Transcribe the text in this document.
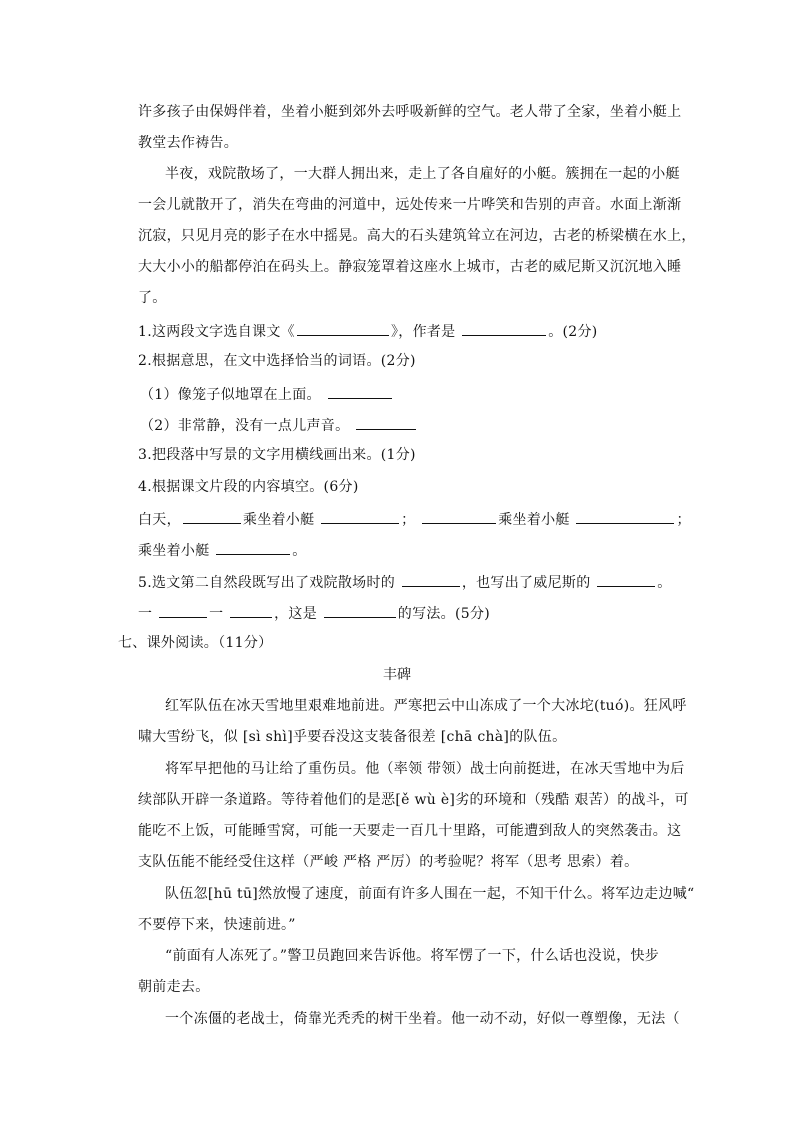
许多孩子由保姆伴着，坐着小艇到郊外去呼吸新鲜的空气。老人带了全家，坐着小艇上
教堂去作祷告。
半夜，戏院散场了，一大群人拥出来，走上了各自雇好的小艇。簇拥在一起的小艇
一会儿就散开了，消失在弯曲的河道中，远处传来一片哗笑和告别的声音。水面上渐渐
沉寂，只见月亮的影子在水中摇晃。高大的石头建筑耸立在河边，古老的桥梁横在水上，
大大小小的船都停泊在码头上。静寂笼罩着这座水上城市，古老的威尼斯又沉沉地入睡
了。
1.这两段文字选自课文《	》，作者是	。(2分)
2.根据意思，在文中选择恰当的词语。(2分)
（1）像笼子似地罩在上面。
（2）非常静，没有一点儿声音。
3.把段落中写景的文字用横线画出来。(1分)
4.根据课文片段的内容填空。(6分)
白天，	乘坐着小艇	；	乘坐着小艇	；
乘坐着小艇	。
5.选文第二自然段既写出了戏院散场时的	，也写出了威尼斯的	。
一	一	，这是	的写法。(5分)
七、课外阅读。（11分）
丰碑
红军队伍在冰天雪地里艰难地前进。严寒把云中山冻成了一个大冰坨(tuó)。狂风呼
啸大雪纷飞，似 [sì shì]乎要吞没这支装备很差 [chā chà]的队伍。
将军早把他的马让给了重伤员。他（率领 带领）战士向前挺进，在冰天雪地中为后
续部队开辟一条道路。等待着他们的是恶[ě wù è]劣的环境和（残酷 艰苦）的战斗，可
能吃不上饭，可能睡雪窝，可能一天要走一百几十里路，可能遭到敌人的突然袭击。这
支队伍能不能经受住这样（严峻 严格 严厉）的考验呢？将军（思考 思索）着。
队伍忽[hū tū]然放慢了速度，前面有许多人围在一起，不知干什么。将军边走边喊“
不要停下来，快速前进。”
“前面有人冻死了。”警卫员跑回来告诉他。将军愣了一下，什么话也没说，快步
朝前走去。
一个冻僵的老战士，倚靠光秃秃的树干坐着。他一动不动，好似一尊塑像，无法（
